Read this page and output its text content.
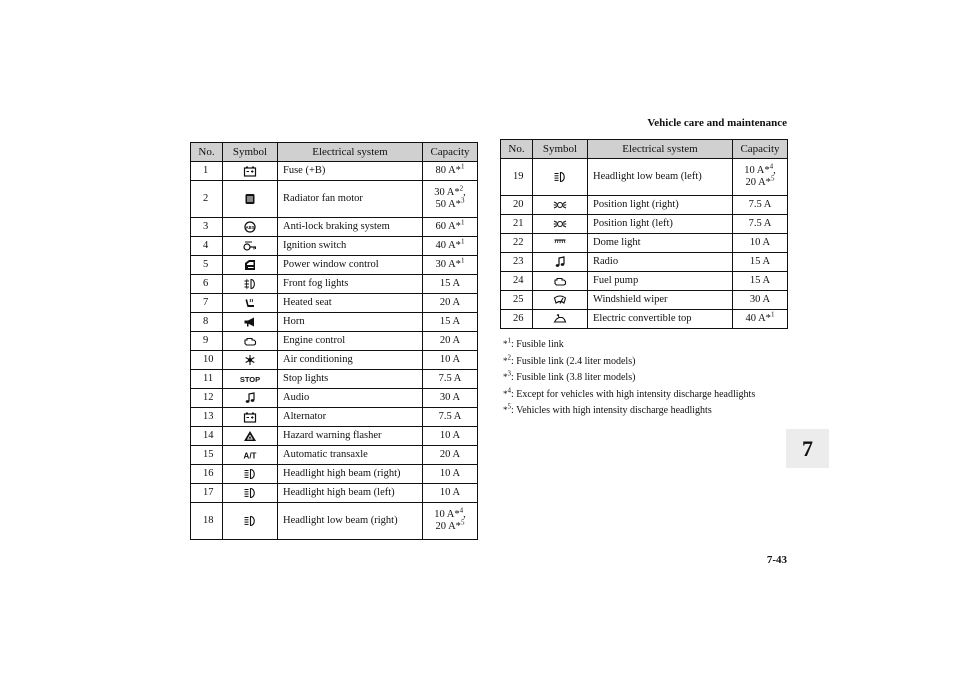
Vehicle care and maintenance
No.	Symbol	Electrical system	Capacity
1		Fuse (+B)	80 A*$^1$

2		Radiator fan motor	30 A*$^2$,
50 A*$^3$

3	ABS	Anti-lock braking system	60 A*$^1$

4		Ignition switch	40 A*$^1$

5		Power window control	30 A*$^1$

6		Front fog lights	15 A

7		Heated seat	20 A

8		Horn	15 A

9		Engine control	20 A

10		Air conditioning	10 A

11	STOP	Stop lights	7.5 A

12		Audio	30 A

13		Alternator	7.5 A

14		Hazard warning flasher	10 A

15	A/T	Automatic transaxle	20 A

16		Headlight high beam (right)	10 A

17		Headlight high beam (left)	10 A

18		Headlight low beam (right)	10 A*$^4$,
20 A*$^5$
No.	Symbol	Electrical system	Capacity
19		Headlight low beam (left)	10 A*$^4$,
20 A*$^5$

20		Position light (right)	7.5 A

21		Position light (left)	7.5 A

22		Dome light	10 A

23		Radio	15 A

24		Fuel pump	15 A

25		Windshield wiper	30 A

26		Electric convertible top	40 A*$^1$
*$^1$: Fusible link
*$^2$: Fusible link (2.4 liter models)
*$^3$: Fusible link (3.8 liter models)
*$^4$: Except for vehicles with high intensity discharge headlights
*$^5$: Vehicles with high intensity discharge headlights
7
7-43
